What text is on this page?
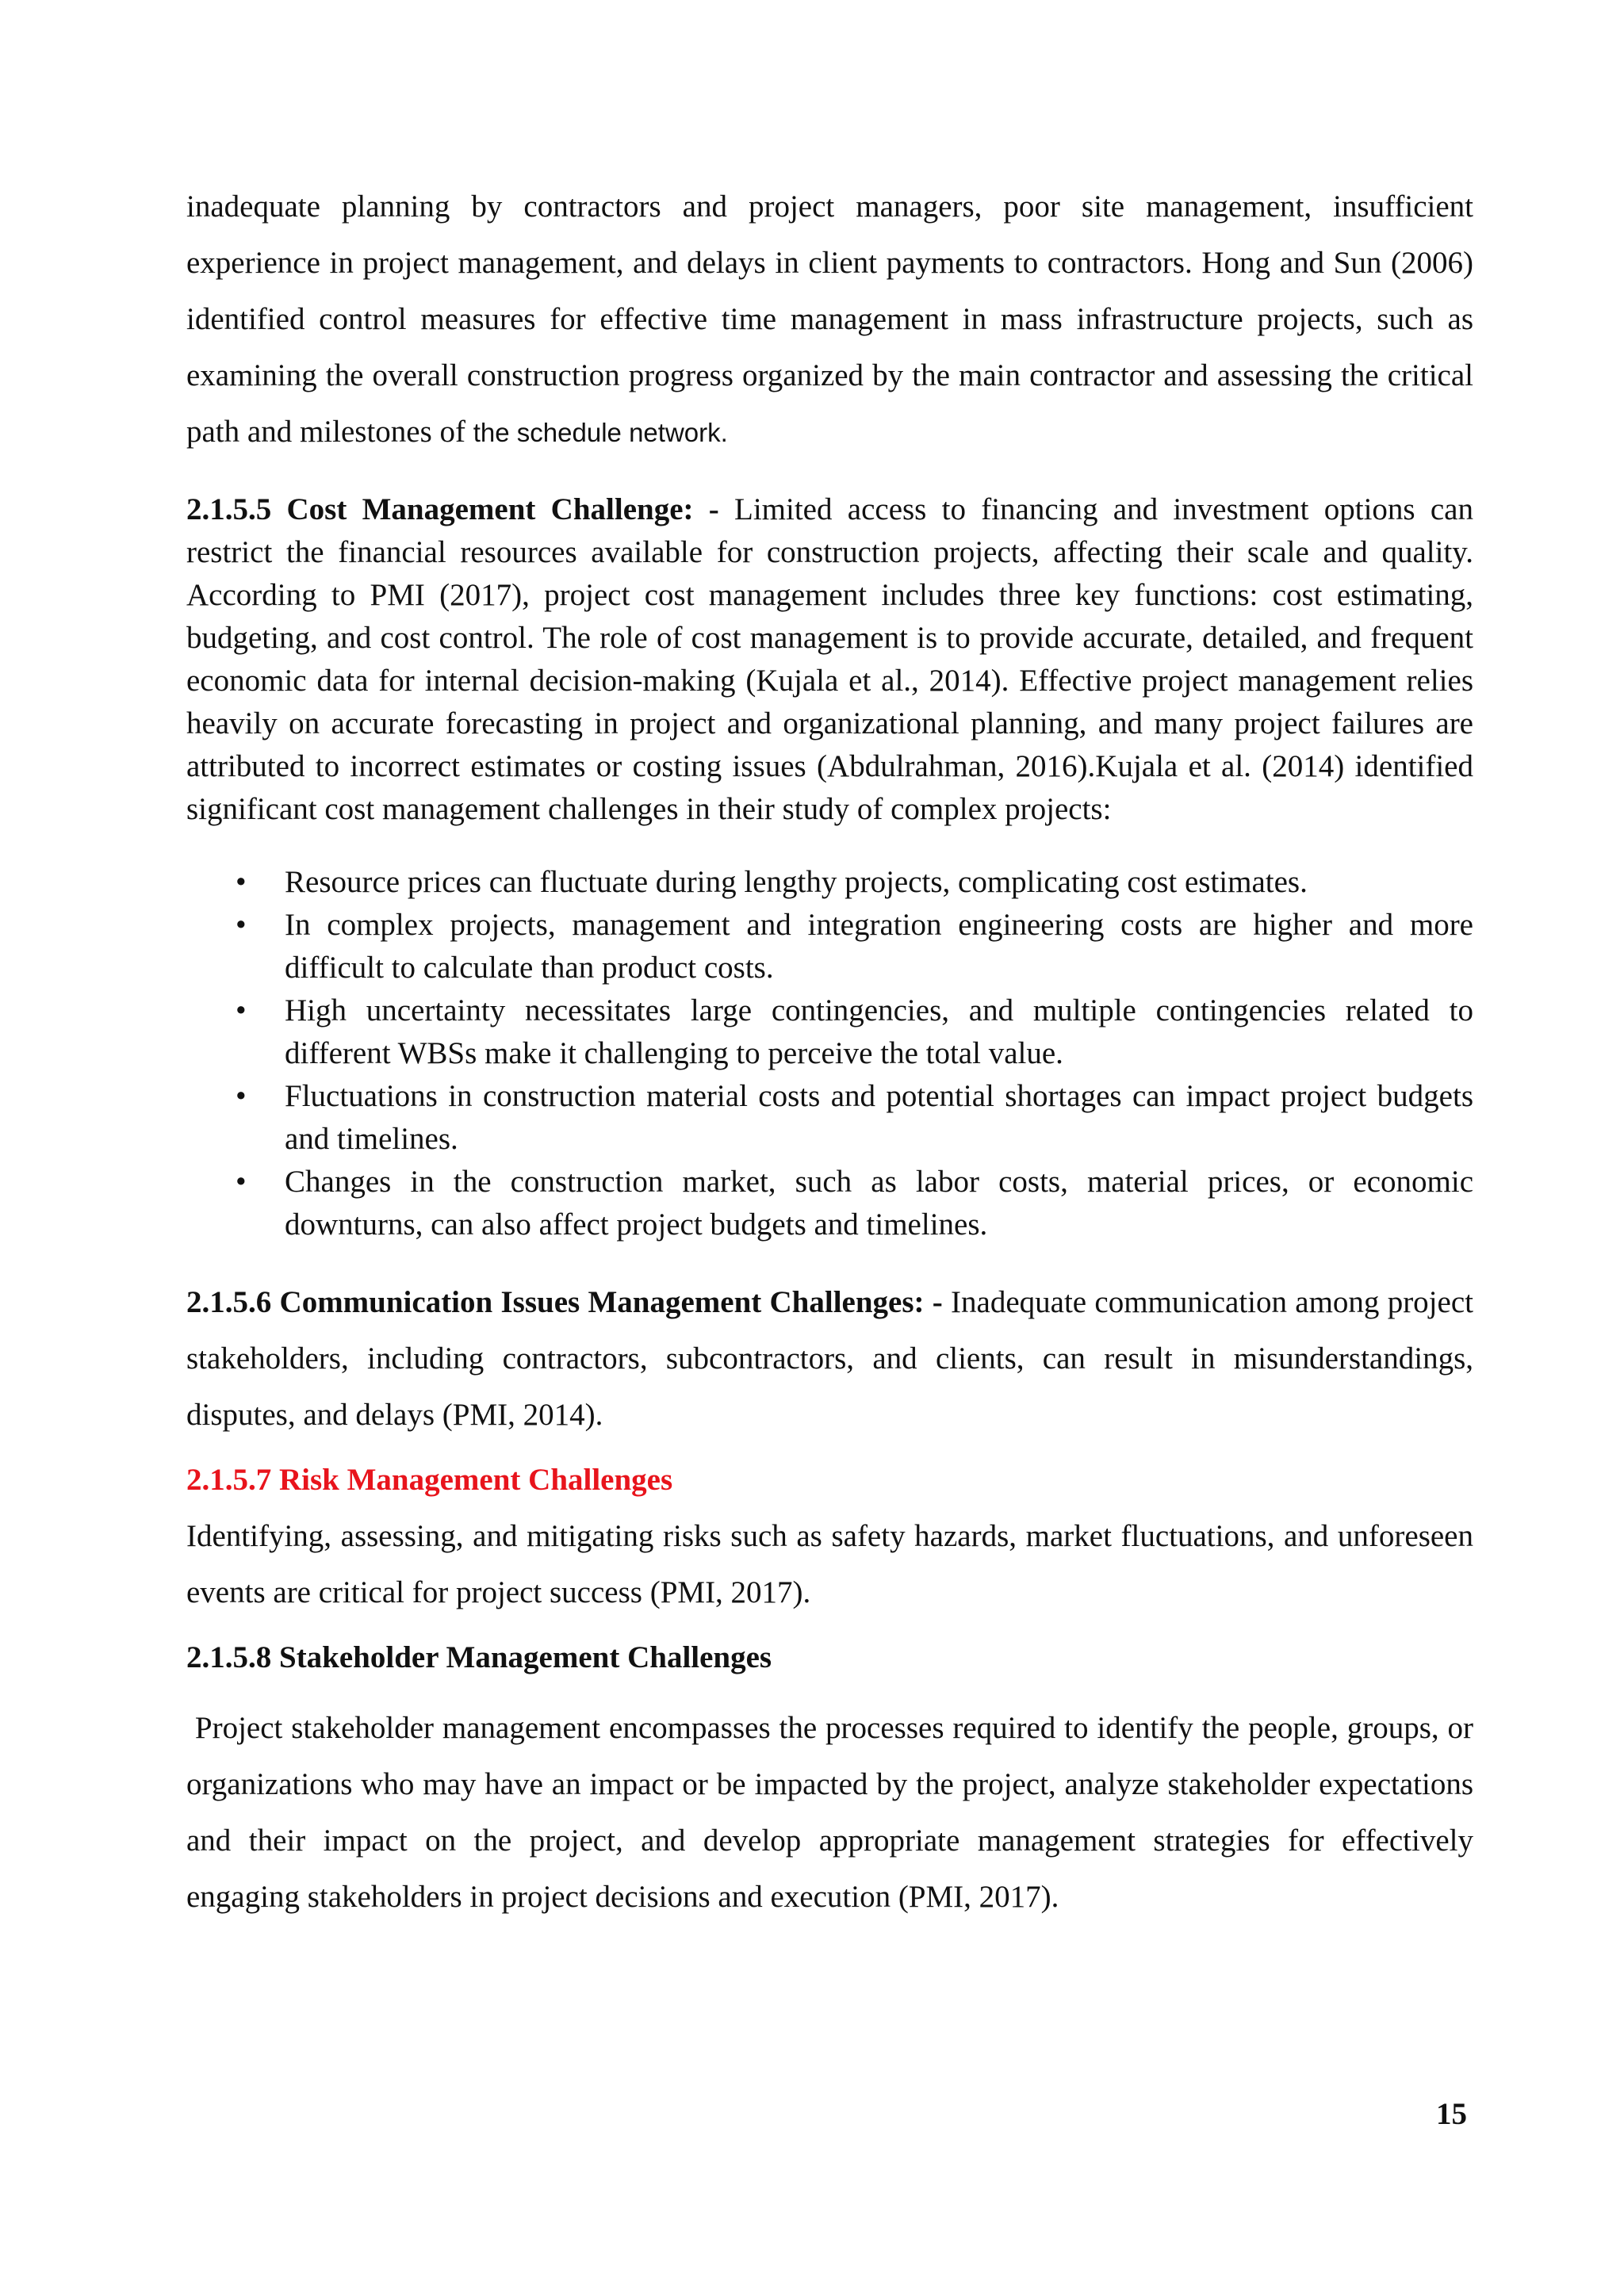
inadequate planning by contractors and project managers, poor site management, insufficient experience in project management, and delays in client payments to contractors. Hong and Sun (2006) identified control measures for effective time management in mass infrastructure projects, such as examining the overall construction progress organized by the main contractor and assessing the critical path and milestones of the schedule network.

2.1.5.5 Cost Management Challenge: - Limited access to financing and investment options can restrict the financial resources available for construction projects, affecting their scale and quality. According to PMI (2017), project cost management includes three key functions: cost estimating, budgeting, and cost control. The role of cost management is to provide accurate, detailed, and frequent economic data for internal decision-making (Kujala et al., 2014). Effective project management relies heavily on accurate forecasting in project and organizational planning, and many project failures are attributed to incorrect estimates or costing issues (Abdulrahman, 2016).Kujala et al. (2014) identified significant cost management challenges in their study of complex projects:

• Resource prices can fluctuate during lengthy projects, complicating cost estimates.
• In complex projects, management and integration engineering costs are higher and more difficult to calculate than product costs.
• High uncertainty necessitates large contingencies, and multiple contingencies related to different WBSs make it challenging to perceive the total value.
• Fluctuations in construction material costs and potential shortages can impact project budgets and timelines.
• Changes in the construction market, such as labor costs, material prices, or economic downturns, can also affect project budgets and timelines.

2.1.5.6 Communication Issues Management Challenges: - Inadequate communication among project stakeholders, including contractors, subcontractors, and clients, can result in misunderstandings, disputes, and delays (PMI, 2014).

2.1.5.7 Risk Management Challenges

Identifying, assessing, and mitigating risks such as safety hazards, market fluctuations, and unforeseen events are critical for project success (PMI, 2017).

2.1.5.8 Stakeholder Management Challenges

Project stakeholder management encompasses the processes required to identify the people, groups, or organizations who may have an impact or be impacted by the project, analyze stakeholder expectations and their impact on the project, and develop appropriate management strategies for effectively engaging stakeholders in project decisions and execution (PMI, 2017).

15
